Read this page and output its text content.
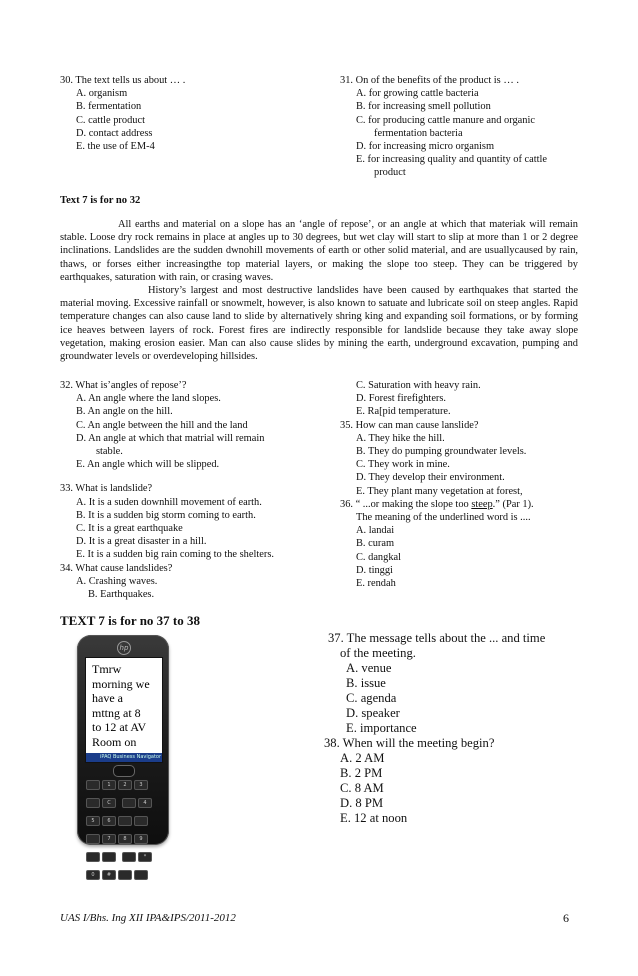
30. The text tells us about … .
A. organism
B. fermentation
C. cattle product
D. contact address
E. the use of EM-4
31. On of the benefits of the product is … .
A. for growing cattle bacteria
B. for increasing smell pollution
C. for producing cattle manure and organic
fermentation bacteria
D. for increasing micro organism
E. for increasing quality and quantity of cattle
product
Text 7 is for no 32

All earths and material on a slope has an ‘angle of repose’, or an angle at which that materiak will remain stable. Loose dry rock remains in place at angles up to 30 degrees, but wet clay will start to slip at more than 1 or 2 degree inclinations. Landslides are the sudden dwnohill movements of earth or other solid material, and are usuallycaused by rain, thaws, or forses either increasingthe top material layers, or making the slope too steep. They can be triggered by earthquakes, saturation with rain, or crasing waves.

History’s largest and most destructive landslides have been caused by earthquakes that started the material moving. Excessive rainfall or snowmelt, however, is also known to satuate and lubricate soil on steep angles. Rapid temperature changes can also cause land to slide by alternatively shring king and expanding soil formations, or by forming ice heaves between layers of rock. Forest fires are indirectly responsible for landslide because they take away slope vegetation, making erosion easier. Man can also cause slides by mining the earth, underground excavation, pumping and groundwater levels or overdeveloping hillsides.

32. What is’angles of repose’?
A. An angle where the land slopes.
B. An angle on the hill.
C. An angle between the hill and the land
D. An angle at which that matrial will remain
stable.
E. An angle which will be slipped.
33. What is landslide?
A. It is a suden downhill movement of earth.
B. It is a sudden big storm coming to earth.
C. It is a great earthquake
D. It is a great disaster in a hill.
E. It is a sudden big rain coming to the shelters.
34. What cause landslides?
A. Crashing waves.
B. Earthquakes.
C. Saturation with heavy rain.
D. Forest firefighters.
E. Ra[pid temperature.
35. How can man cause lanslide?
A. They hike the hill.
B. They do pumping groundwater levels.
C. They work in mine.
D. They develop their environment.
E. They plant many vegetation at forest,
36. “ ...or making the slope too steep.” (Par 1).
The meaning of the underlined word is ....
A. landai
B. curam
C. dangkal
D. tinggi
E. rendah
TEXT 7 is for no 37 to 38
hp
Tmrw
morning we
have a
mttng at 8
to 12 at AV
Room on
iPAQ Business Navigator
1	2	3C	45	6 7	8	9 *0 #
37. The message tells about the ... and time
of the meeting.
A. venue
B. issue
C. agenda
D. speaker
E. importance
38. When will the meeting begin?
A. 2 AM
B. 2 PM
C. 8 AM
D. 8 PM
E. 12 at noon
UAS I/Bhs. Ing XII IPA&IPS/2011-2012	6
